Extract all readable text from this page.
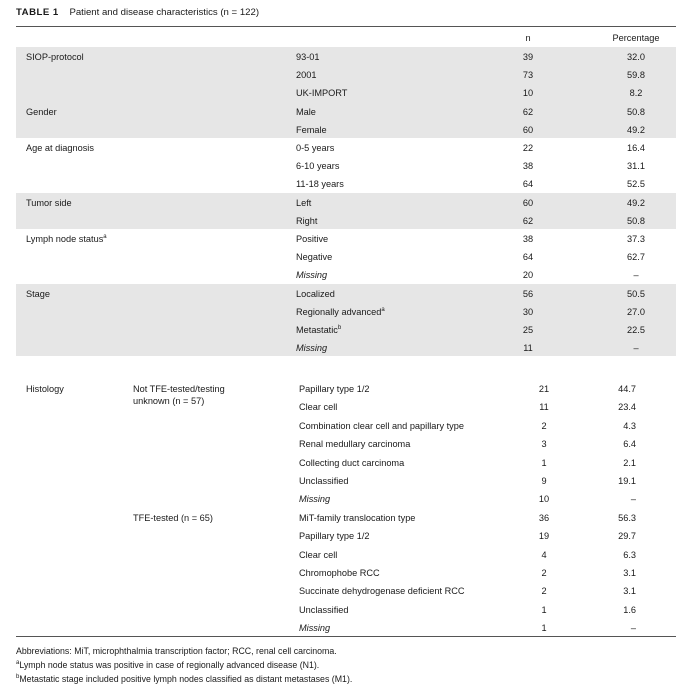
TABLE 1 Patient and disease characteristics (n = 122)
n	Percentage
SIOP-protocol	93-01	39	32.0
2001	73	59.8
UK-IMPORT	10	8.2
Gender	Male	62	50.8
Female	60	49.2
Age at diagnosis	0-5 years	22	16.4
6-10 years	38	31.1
11-18 years	64	52.5
Tumor side	Left	60	49.2
Right	62	50.8
Lymph node status$^a$	Positive	38	37.3
Negative	64	62.7
Missing	20	–
Stage	Localized	56	50.5
Regionally advanced$^a$	30	27.0
Metastatic$^b$	25	22.5
Missing	11	–
Histology	Not TFE-tested/testing
unknown (n = 57)
Papillary type 1/2	21	44.7
Clear cell	11	23.4
Combination clear cell and papillary type	2	4.3
Renal medullary carcinoma	3	6.4
Collecting duct carcinoma	1	2.1
Unclassified	9	19.1
Missing	10	–
TFE-tested (n = 65)	MiT-family translocation type	36	56.3
Papillary type 1/2	19	29.7
Clear cell	4	6.3
Chromophobe RCC	2	3.1
Succinate dehydrogenase deficient RCC	2	3.1
Unclassified	1	1.6
Missing	1	–
Abbreviations: MiT, microphthalmia transcription factor; RCC, renal cell carcinoma.
$^a$Lymph node status was positive in case of regionally advanced disease (N1).
$^b$Metastatic stage included positive lymph nodes classified as distant metastases (M1).
